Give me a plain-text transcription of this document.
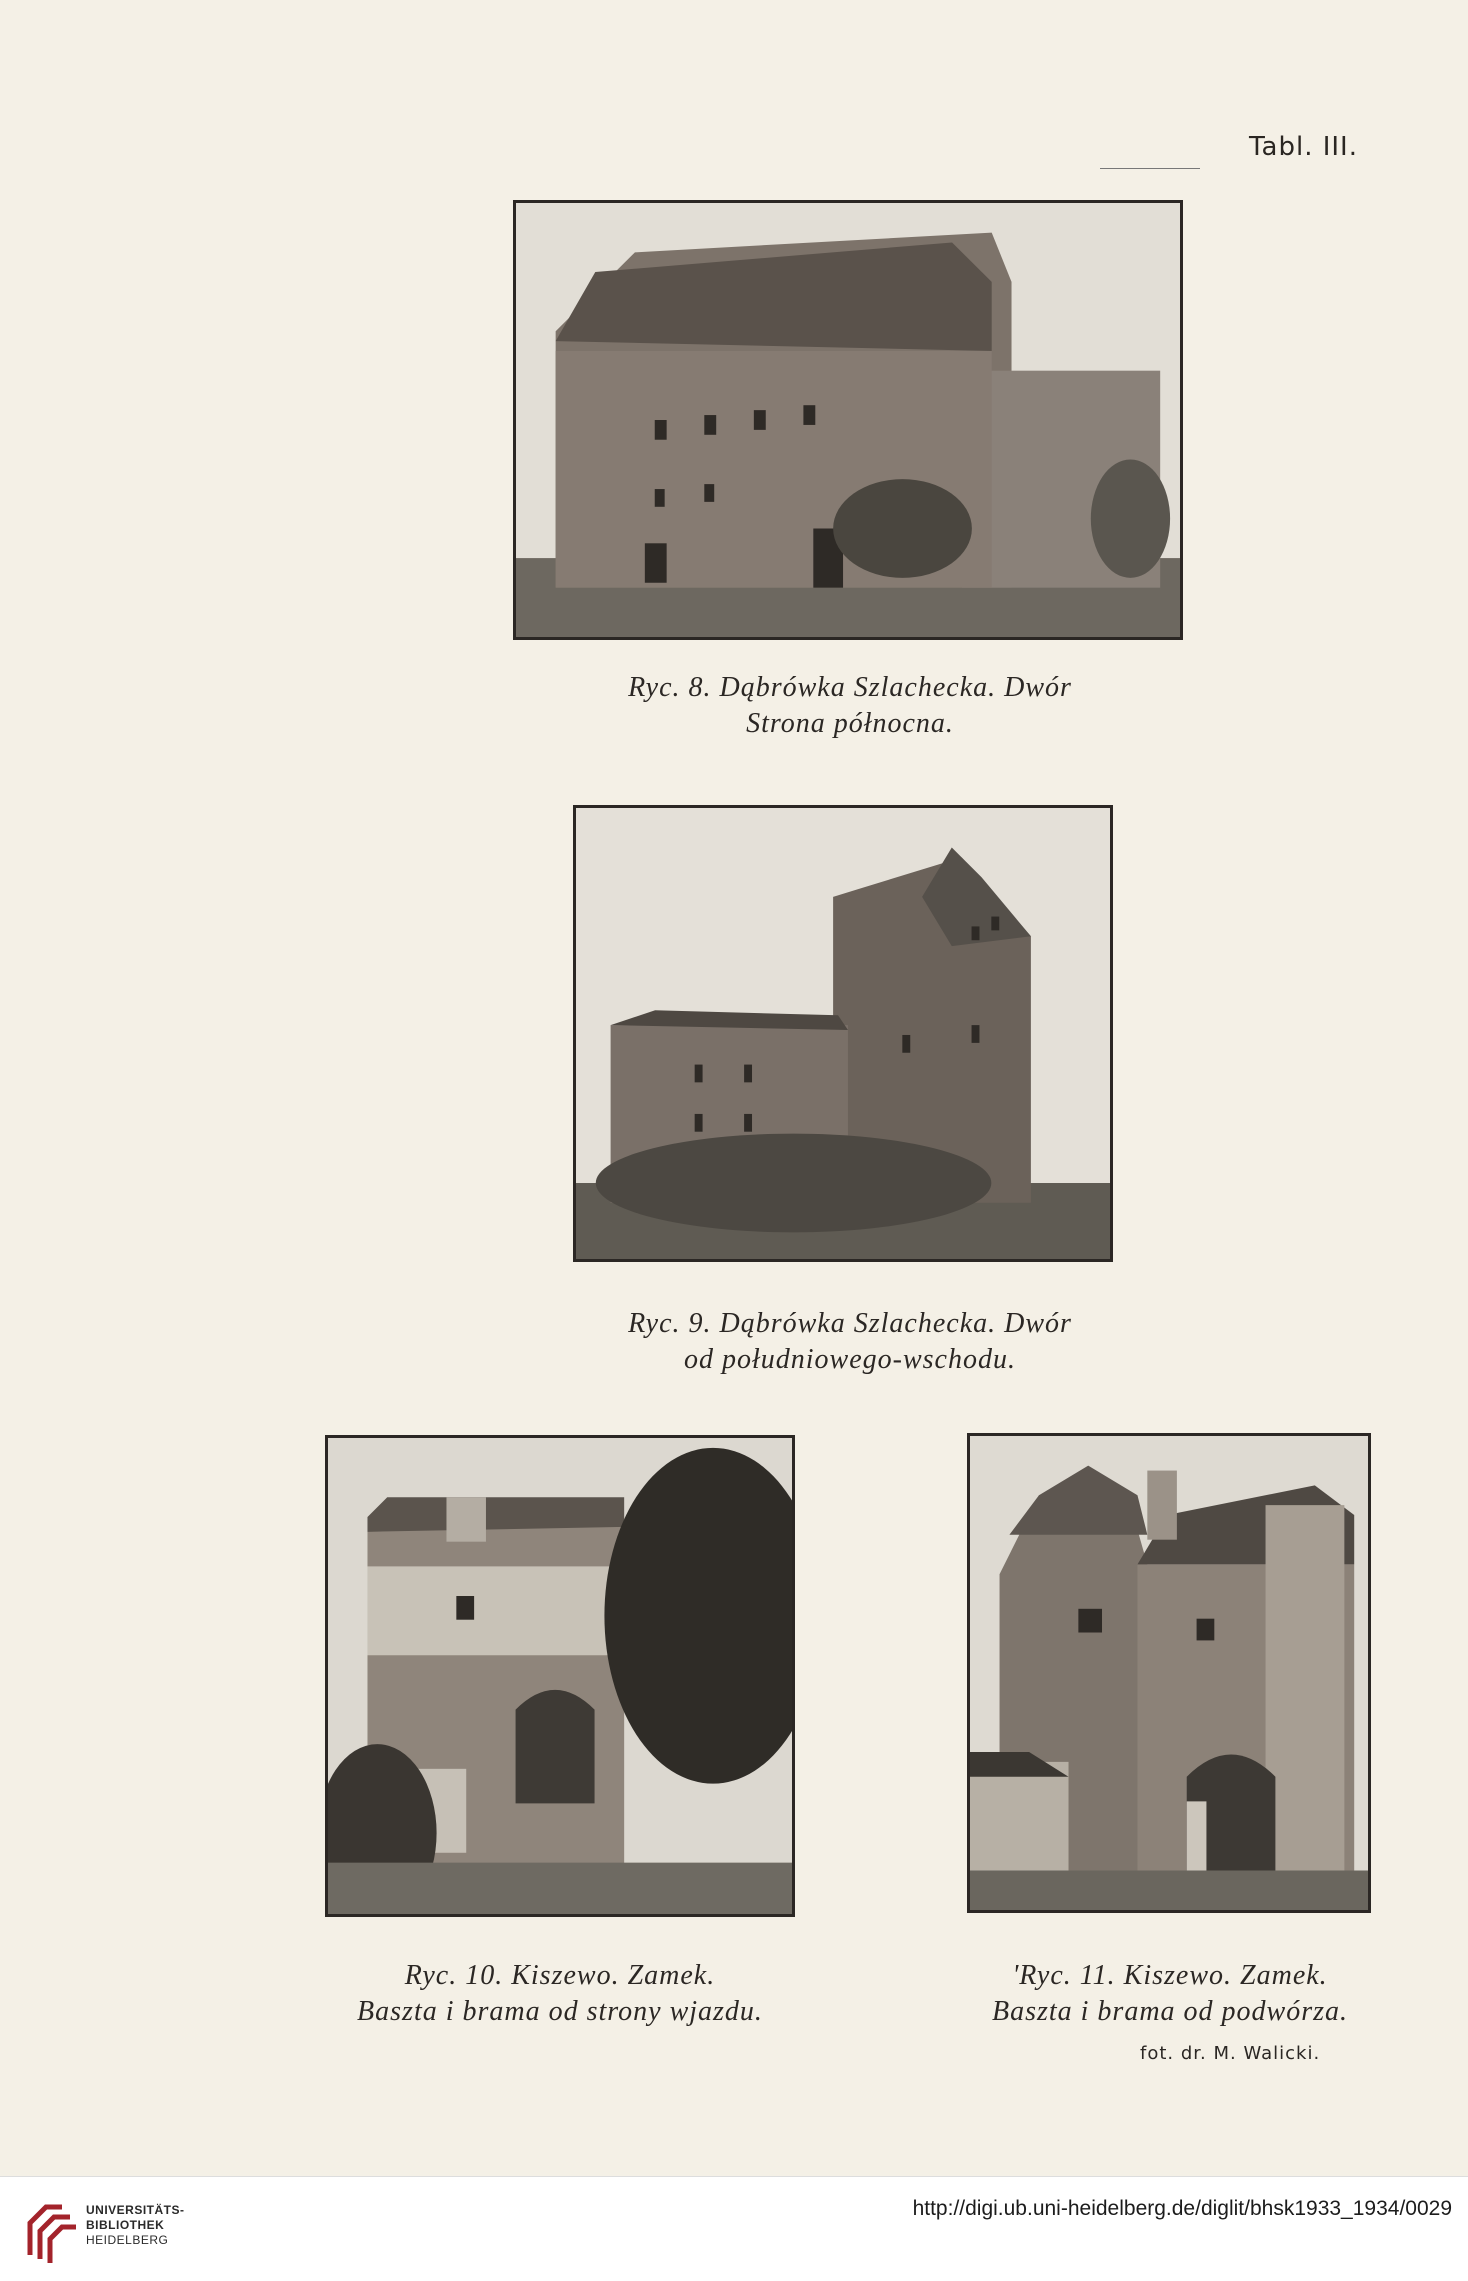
Tabl. III.
Ryc. 8. Dąbrówka Szlachecka. Dwór
Strona północna.
Ryc. 9. Dąbrówka Szlachecka. Dwór
od południowego-wschodu.
Ryc. 10. Kiszewo. Zamek.
Baszta i brama od strony wjazdu.
'Ryc. 11. Kiszewo. Zamek.
Baszta i brama od podwórza.
fot. dr. M. Walicki.
UNIVERSITÄTS-
BIBLIOTHEK
HEIDELBERG
http://digi.ub.uni-heidelberg.de/diglit/bhsk1933_1934/0029
